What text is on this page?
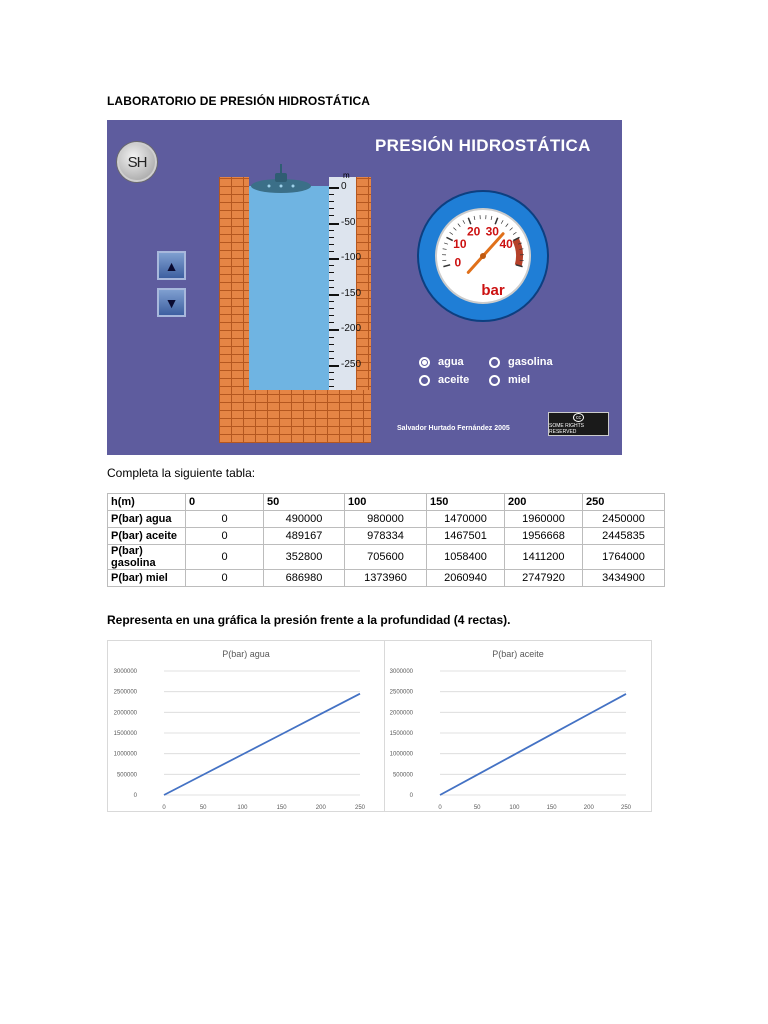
LABORATORIO DE PRESIÓN HIDROSTÁTICA
SH
PRESIÓN HIDROSTÁTICA
▲
▼
m
0
-50
-100
-150
-200
-250
0
10
20 30
40
bar
agua	gasolina
aceite	miel
Salvador Hurtado Fernández 2005
cc
SOME RIGHTS RESERVED
Completa la siguiente tabla:
h(m)	0	50	100	150	200	250
P(bar) agua	0	490000	980000	1470000	1960000	2450000
P(bar) aceite	0	489167	978334	1467501	1956668	2445835
P(bar) gasolina	0	352800	705600	1058400	1411200	1764000
P(bar) miel	0	686980	1373960	2060940	2747920	3434900
Representa en una gráfica la presión frente a la profundidad (4 rectas).
P(bar) agua
0
500000
1000000
1500000
2000000
2500000
3000000
0	50	100	150	200	250
P(bar) aceite
0
500000
1000000
1500000
2000000
2500000
3000000
0	50	100	150	200	250
